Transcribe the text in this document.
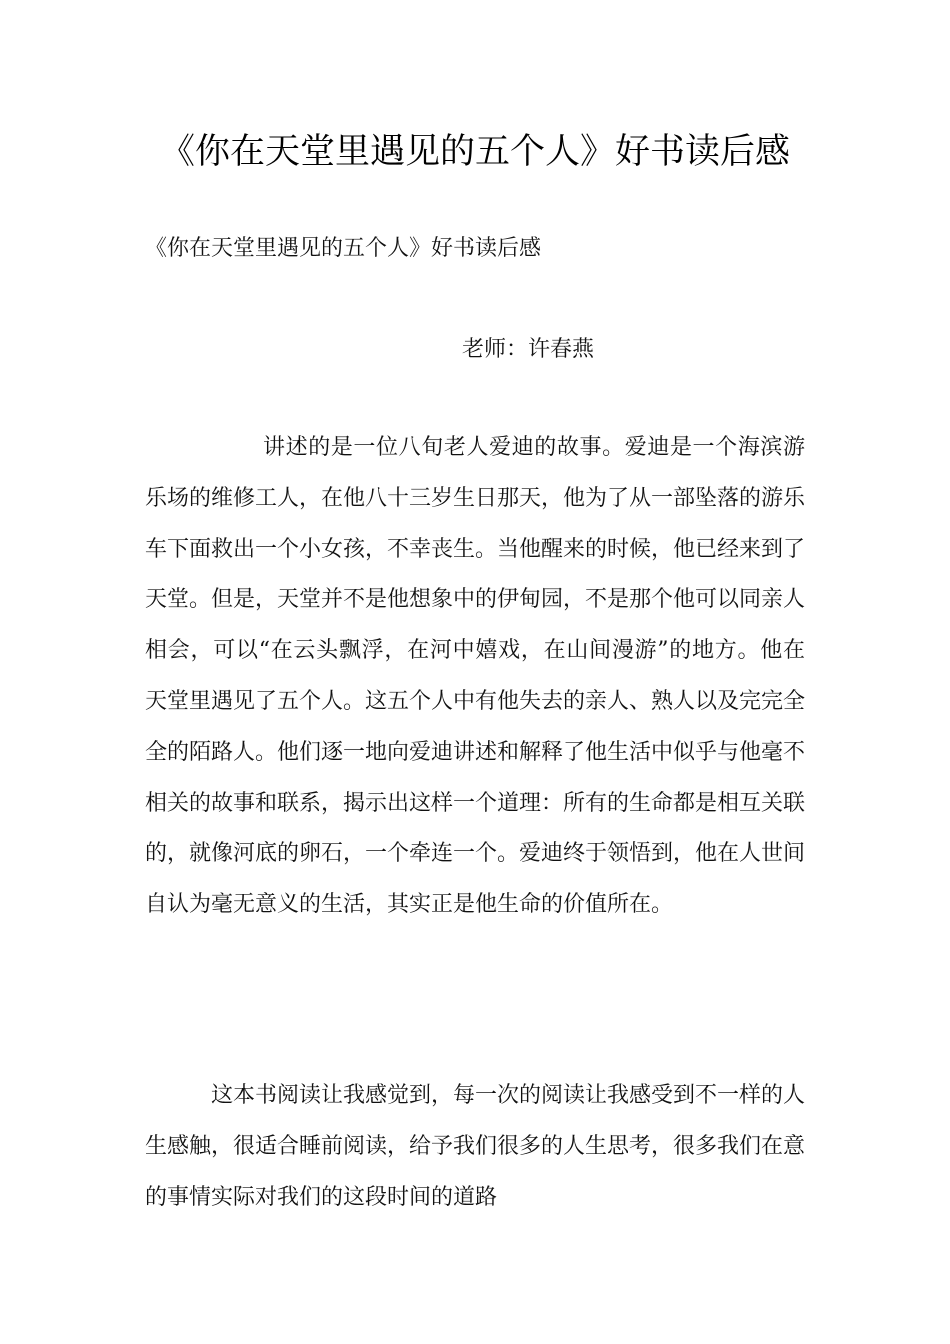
《你在天堂里遇见的五个人》好书读后感

《你在天堂里遇见的五个人》好书读后感

老师：许春燕

讲述的是一位八旬老人爱迪的故事。爱迪是一个海滨游乐场的维修工人，在他八十三岁生日那天，他为了从一部坠落的游乐车下面救出一个小女孩，不幸丧生。当他醒来的时候，他已经来到了天堂。但是，天堂并不是他想象中的伊甸园，不是那个他可以同亲人相会，可以“在云头飘浮，在河中嬉戏，在山间漫游”的地方。他在天堂里遇见了五个人。这五个人中有他失去的亲人、熟人以及完完全全的陌路人。他们逐一地向爱迪讲述和解释了他生活中似乎与他毫不相关的故事和联系，揭示出这样一个道理：所有的生命都是相互关联的，就像河底的卵石，一个牵连一个。爱迪终于领悟到，他在人世间自认为毫无意义的生活，其实正是他生命的价值所在。

这本书阅读让我感觉到，每一次的阅读让我感受到不一样的人生感触，很适合睡前阅读，给予我们很多的人生思考，很多我们在意的事情实际对我们的这段时间的道路
